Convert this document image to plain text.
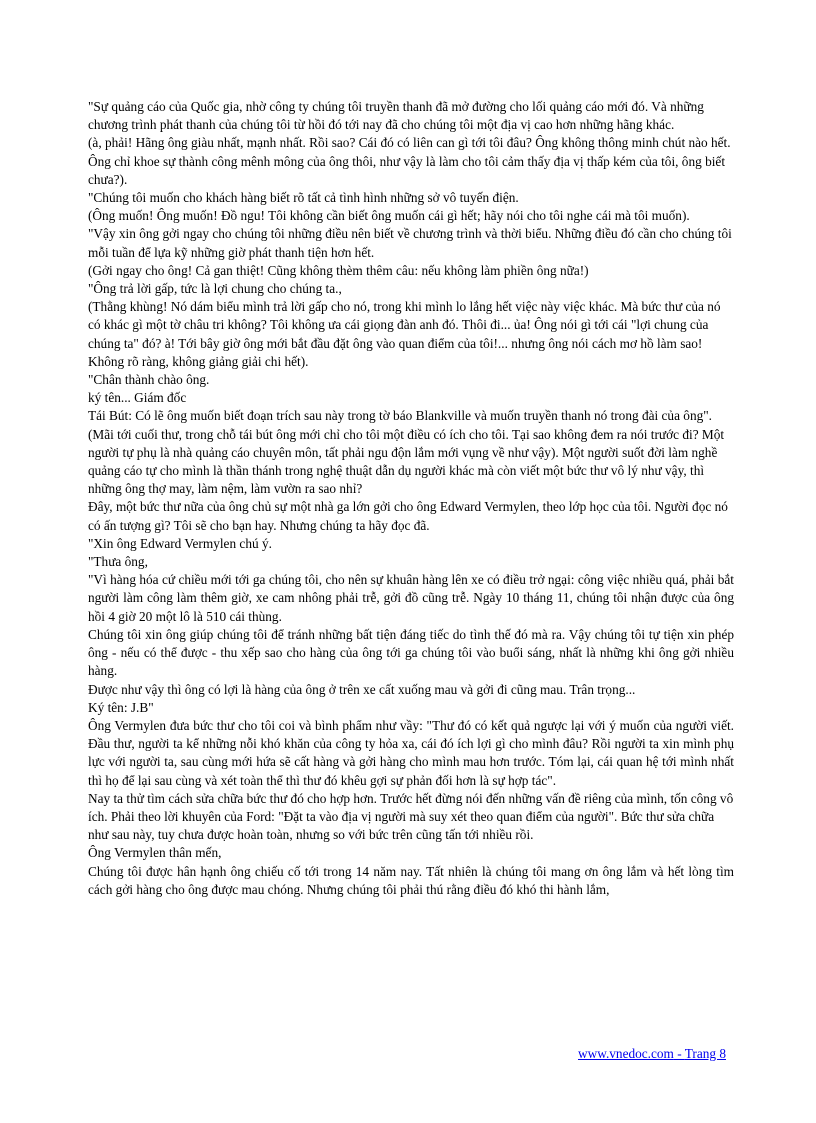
"Sự quảng cáo của Quốc gia, nhờ công ty chúng tôi truyền thanh đã mở đường cho lối quảng cáo mới đó. Và những chương trình phát thanh của chúng tôi từ hồi đó tới nay đã cho chúng tôi một địa vị cao hơn những hãng khác.

(à, phải! Hãng ông giàu nhất, mạnh nhất. Rồi sao? Cái đó có liên can gì tới tôi đâu? Ông không thông minh chút nào hết. Ông chỉ khoe sự thành công mênh mông của ông thôi, như vậy là làm cho tôi cảm thấy địa vị thấp kém của tôi, ông biết chưa?).

"Chúng tôi muốn cho khách hàng biết rõ tất cả tình hình những sở vô tuyến điện.

(Ông muốn! Ông muốn! Đồ ngu! Tôi không cần biết ông muốn cái gì hết; hãy nói cho tôi nghe cái mà tôi muốn).

"Vậy xin ông gởi ngay cho chúng tôi những điều nên biết về chương trình và thời biểu. Những điều đó cần cho chúng tôi mỗi tuần để lựa kỹ những giờ phát thanh tiện hơn hết.

(Gởi ngay cho ông! Cả gan thiệt! Cũng không thèm thêm câu: nếu không làm phiền ông nữa!)

"Ông trả lời gấp, tức là lợi chung cho chúng ta.,

(Thằng khùng! Nó dám biểu mình trả lời gấp cho nó, trong khi mình lo lắng hết việc này việc khác. Mà bức thư của nó có khác gì một tờ châu tri không? Tôi không ưa cái giọng đàn anh đó. Thôi đi... ủa! Ông nói gì tới cái "lợi chung của chúng ta" đó? à! Tới bây giờ ông mới bắt đầu đặt ông vào quan điểm của tôi!... nhưng ông nói cách mơ hồ làm sao! Không rõ ràng, không giảng giải chi hết).

"Chân thành chào ông.

ký tên... Giám đốc

Tái Bút: Có lẽ ông muốn biết đoạn trích sau này trong tờ báo Blankville và muốn truyền thanh nó trong đài của ông".

(Mãi tới cuối thư, trong chỗ tái bút ông mới chỉ cho tôi một điều có ích cho tôi. Tại sao không đem ra nói trước đi? Một người tự phụ là nhà quảng cáo chuyên môn, tất phải ngu độn lắm mới vụng về như vậy). Một người suốt đời làm nghề quảng cáo tự cho mình là thần thánh trong nghệ thuật dẫn dụ người khác mà còn viết một bức thư vô lý như vậy, thì những ông thợ may, làm nệm, làm vườn ra sao nhỉ?

Đây, một bức thư nữa của ông chủ sự một nhà ga lớn gởi cho ông Edward Vermylen, theo lớp học của tôi. Người đọc nó có ấn tượng gì? Tôi sẽ cho bạn hay. Nhưng chúng ta hãy đọc đã.

"Xin ông Edward Vermylen chú ý.

"Thưa ông,

"Vì hàng hóa cứ chiều mới tới ga chúng tôi, cho nên sự khuân hàng lên xe có điều trở ngại: công việc nhiều quá, phải bắt người làm công làm thêm giờ, xe cam nhông phải trễ, gởi đồ cũng trễ. Ngày 10 tháng 11, chúng tôi nhận được của ông hồi 4 giờ 20 một lô là 510 cái thùng.

Chúng tôi xin ông giúp chúng tôi để tránh những bất tiện đáng tiếc do tình thế đó mà ra. Vậy chúng tôi tự tiện xin phép ông - nếu có thể được - thu xếp sao cho hàng của ông tới ga chúng tôi vào buổi sáng, nhất là những khi ông gởi nhiều hàng.

Được như vậy thì ông có lợi là hàng của ông ở trên xe cất xuống mau và gởi đi cũng mau. Trân trọng...

Ký tên: J.B"

Ông Vermylen đưa bức thư cho tôi coi và bình phẩm như vầy: "Thư đó có kết quả ngược lại với ý muốn của người viết. Đầu thư, người ta kể những nỗi khó khăn của công ty hỏa xa, cái đó ích lợi gì cho mình đâu? Rồi người ta xin mình phụ lực với người ta, sau cùng mới hứa sẽ cất hàng và gởi hàng cho mình mau hơn trước. Tóm lại, cái quan hệ tới mình nhất thì họ để lại sau cùng và xét toàn thể thì thư đó khêu gợi sự phản đối hơn là sự hợp tác".

Nay ta thử tìm cách sửa chữa bức thư đó cho hợp hơn. Trước hết đừng nói đến những vấn đề riêng của mình, tốn công vô ích. Phải theo lời khuyên của Ford: "Đặt ta vào địa vị người mà suy xét theo quan điểm của người". Bức thư sửa chữa như sau này, tuy chưa được hoàn toàn, nhưng so với bức trên cũng tấn tới nhiều rồi.

Ông Vermylen thân mến,

Chúng tôi được hân hạnh ông chiếu cố tới trong 14 năm nay. Tất nhiên là chúng tôi mang ơn ông lắm và hết lòng tìm cách gởi hàng cho ông được mau chóng. Nhưng chúng tôi phải thú rằng điều đó khó thi hành lắm,

www.vnedoc.com - Trang 8
